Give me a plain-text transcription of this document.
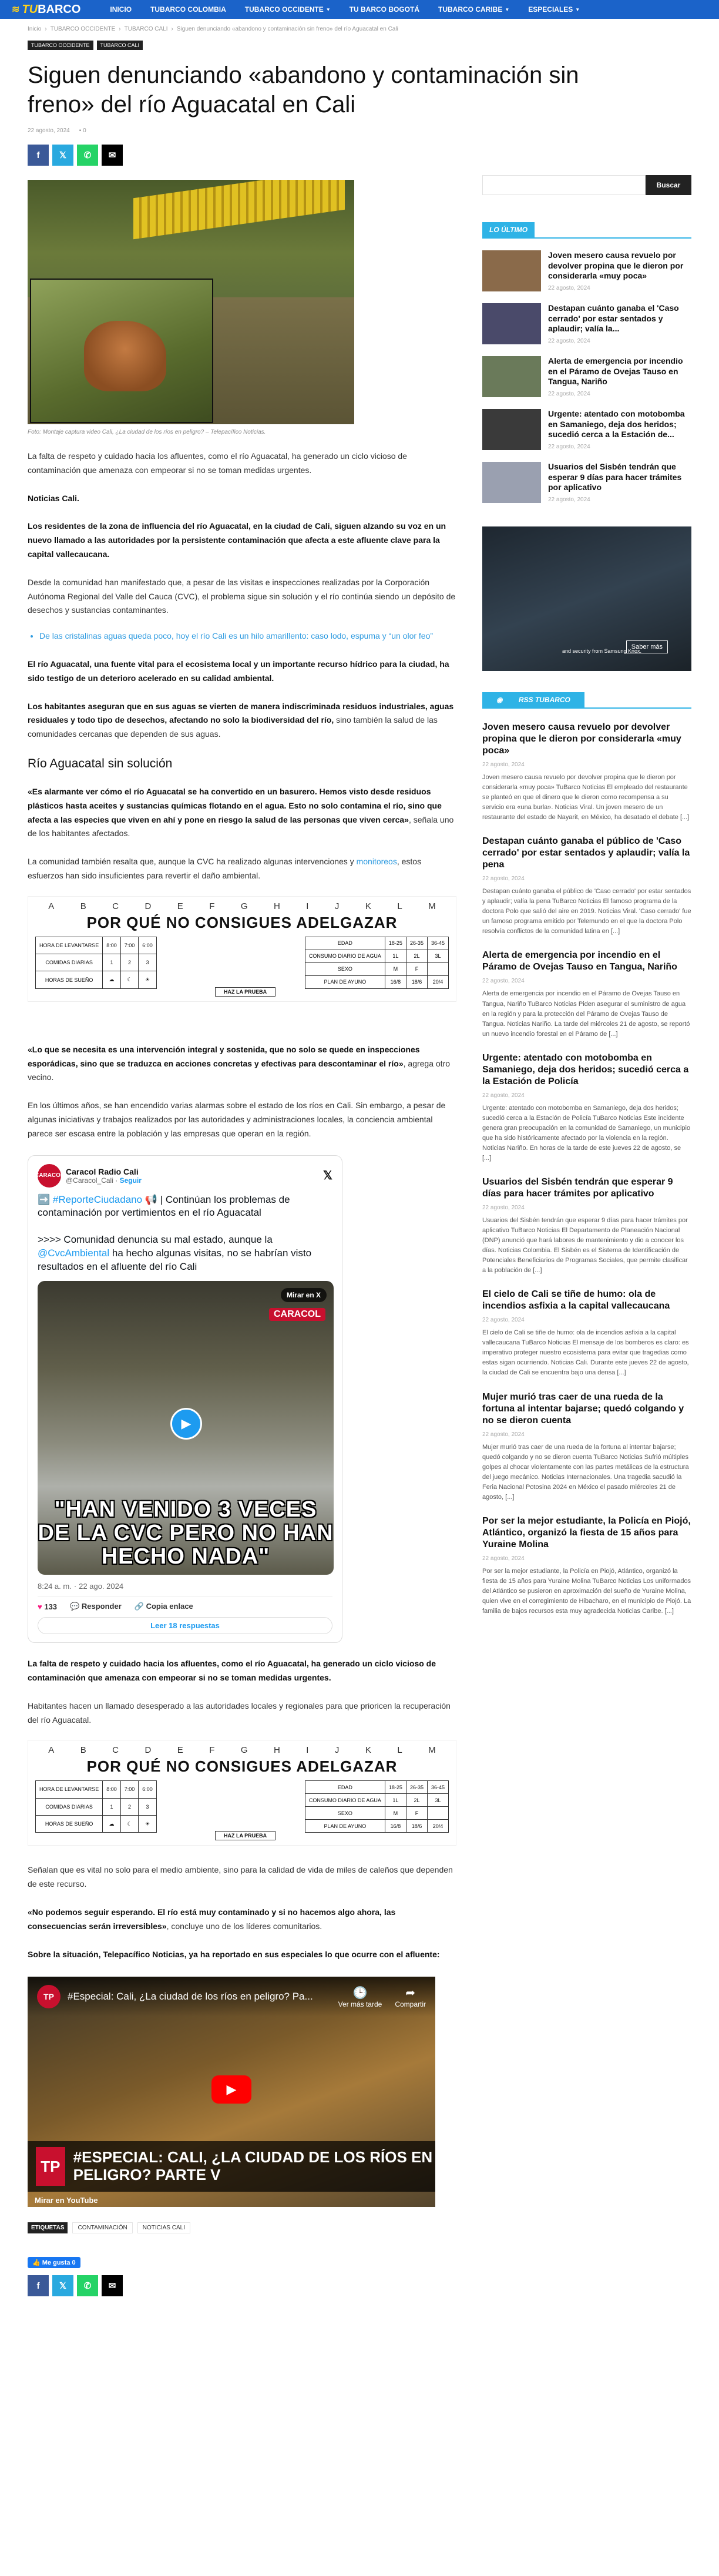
≋ TU BARCO	INICIO	TUBARCO COLOMBIA	TUBARCO OCCIDENTE ▼	TU BARCO BOGOTÁ	TUBARCO CARIBE ▼	ESPECIALES ▼
Inicio › TUBARCO OCCIDENTE › TUBARCO CALI › Siguen denunciando «abandono y contaminación sin freno» del río Aguacatal en Cali
TUBARCO OCCIDENTE	TUBARCO CALI
Siguen denunciando «abandono y contaminación sin freno» del río Aguacatal en Cali
22 agosto, 2024 ▪ 0
f 𝕏 ✆ ✉
Foto: Montaje captura video Cali, ¿La ciudad de los ríos en peligro? – Telepacífico Noticias.

La falta de respeto y cuidado hacia los afluentes, como el río Aguacatal, ha generado un ciclo vicioso de contaminación que amenaza con empeorar si no se toman medidas urgentes.

Noticias Cali.

Los residentes de la zona de influencia del río Aguacatal, en la ciudad de Cali, siguen alzando su voz en un nuevo llamado a las autoridades por la persistente contaminación que afecta a este afluente clave para la capital vallecaucana.

Desde la comunidad han manifestado que, a pesar de las visitas e inspecciones realizadas por la Corporación Autónoma Regional del Valle del Cauca (CVC), el problema sigue sin solución y el río continúa siendo un depósito de desechos y sustancias contaminantes.

• De las cristalinas aguas queda poco, hoy el río Cali es un hilo amarillento: caso lodo, espuma y “un olor feo”

El río Aguacatal, una fuente vital para el ecosistema local y un importante recurso hídrico para la ciudad, ha sido testigo de un deterioro acelerado en su calidad ambiental.

Los habitantes aseguran que en sus aguas se vierten de manera indiscriminada residuos industriales, aguas residuales y todo tipo de desechos, afectando no solo la biodiversidad del río, sino también la salud de las comunidades cercanas que dependen de sus aguas.

Río Aguacatal sin solución

«Es alarmante ver cómo el río Aguacatal se ha convertido en un basurero. Hemos visto desde residuos plásticos hasta aceites y sustancias químicas flotando en el agua. Esto no solo contamina el río, sino que afecta a las especies que viven en ahí y pone en riesgo la salud de las personas que viven cerca», señala uno de los habitantes afectados.

La comunidad también resalta que, aunque la CVC ha realizado algunas intervenciones y monitoreos, estos esfuerzos han sido insuficientes para revertir el daño ambiental.

A	B	C	D	E	F	G	H	I	J	K	L	M
POR QUÉ NO CONSIGUES ADELGAZAR
HORA DE LEVANTARSE	8:00	7:00	6:00
COMIDAS DIARIAS	1	2	3
HORAS DE SUEÑO	☁	☾	☀
EDAD	18-25	26-35	36-45
CONSUMO DIARIO DE AGUA	1L	2L	3L
SEXO	M	F	
PLAN DE AYUNO	16/8	18/6	20/4
HAZ LA PRUEBA

«Lo que se necesita es una intervención integral y sostenida, que no solo se quede en inspecciones esporádicas, sino que se traduzca en acciones concretas y efectivas para descontaminar el río», agrega otro vecino.

En los últimos años, se han encendido varias alarmas sobre el estado de los ríos en Cali. Sin embargo, a pesar de algunas iniciativas y trabajos realizados por las autoridades y administraciones locales, la conciencia ambiental parece ser escasa entre la población y las empresas que operan en la región.

CARACOL Caracol Radio Cali
@Caracol_Cali · Seguir	𝕏
➡️ #ReporteCiudadano 📢 | Continúan los problemas de contaminación por vertimientos en el río Aguacatal

>>>> Comunidad denuncia su mal estado, aunque la @CvcAmbiental ha hecho algunas visitas, no se habrían visto resultados en el afluente del río Cali
Mirar en X
CARACOL
▶
"HAN VENIDO 3 VECES DE LA CVC PERO NO HAN HECHO NADA"
8:24 a. m. · 22 ago. 2024
♥ 133 💬 Responder 🔗 Copia enlace
Leer 18 respuestas

La falta de respeto y cuidado hacia los afluentes, como el río Aguacatal, ha generado un ciclo vicioso de contaminación que amenaza con empeorar si no se toman medidas urgentes.

Habitantes hacen un llamado desesperado a las autoridades locales y regionales para que prioricen la recuperación del río Aguacatal.

A	B	C	D	E	F	G	H	I	J	K	L	M
POR QUÉ NO CONSIGUES ADELGAZAR
HORA DE LEVANTARSE	8:00	7:00	6:00
COMIDAS DIARIAS	1	2	3
HORAS DE SUEÑO	☁	☾	☀
EDAD	18-25	26-35	36-45
CONSUMO DIARIO DE AGUA	1L	2L	3L
SEXO	M	F	
PLAN DE AYUNO	16/8	18/6	20/4
HAZ LA PRUEBA

Señalan que es vital no solo para el medio ambiente, sino para la calidad de vida de miles de caleños que dependen de este recurso.

«No podemos seguir esperando. El río está muy contaminado y si no hacemos algo ahora, las consecuencias serán irreversibles», concluye uno de los líderes comunitarios.

Sobre la situación, Telepacífico Noticias, ya ha reportado en sus especiales lo que ocurre con el afluente:

TP	#Especial: Cali, ¿La ciudad de los ríos en peligro? Pa...	🕒
Ver más tarde
➦
Compartir
▶
TP
#ESPECIAL: CALI, ¿LA CIUDAD DE LOS RÍOS EN PELIGRO? PARTE V
Mirar en YouTube
ETIQUETAS	CONTAMINACIÓN	NOTICIAS CALI
👍 Me gusta 0
f 𝕏 ✆ ✉
Buscar
LO ÚLTIMO
Joven mesero causa revuelo por devolver propina que le dieron por considerarla «muy poca»
22 agosto, 2024
Destapan cuánto ganaba el 'Caso cerrado' por estar sentados y aplaudir; valía la...
22 agosto, 2024
Alerta de emergencia por incendio en el Páramo de Ovejas Tauso en Tangua, Nariño
22 agosto, 2024
Urgente: atentado con motobomba en Samaniego, deja dos heridos; sucedió cerca a la Estación de...
22 agosto, 2024
Usuarios del Sisbén tendrán que esperar 9 días para hacer trámites por aplicativo
22 agosto, 2024
and security from Samsung Knox.
Saber más
◉ RSS TUBARCO
Joven mesero causa revuelo por devolver propina que le dieron por considerarla «muy poca»
22 agosto, 2024
Joven mesero causa revuelo por devolver propina que le dieron por considerarla «muy poca» TuBarco Noticias El empleado del restaurante se planteó en que el dinero que le dieron como recompensa a su servicio era «una burla». Noticias Viral. Un joven mesero de un restaurante del estado de Nayarit, en México, ha desatado el debate [...]
Destapan cuánto ganaba el público de 'Caso cerrado' por estar sentados y aplaudir; valía la pena
22 agosto, 2024
Destapan cuánto ganaba el público de 'Caso cerrado' por estar sentados y aplaudir; valía la pena TuBarco Noticias El famoso programa de la doctora Polo que salió del aire en 2019. Noticias Viral. 'Caso cerrado' fue un famoso programa emitido por Telemundo en el que la doctora Polo resolvía conflictos de la comunidad latina en [...]
Alerta de emergencia por incendio en el Páramo de Ovejas Tauso en Tangua, Nariño
22 agosto, 2024
Alerta de emergencia por incendio en el Páramo de Ovejas Tauso en Tangua, Nariño TuBarco Noticias Piden asegurar el suministro de agua en la región y para la protección del Páramo de Ovejas Tauso de Tangua. Noticias Nariño. La tarde del miércoles 21 de agosto, se reportó un nuevo incendio forestal en el Páramo de [...]
Urgente: atentado con motobomba en Samaniego, deja dos heridos; sucedió cerca a la Estación de Policía
22 agosto, 2024
Urgente: atentado con motobomba en Samaniego, deja dos heridos; sucedió cerca a la Estación de Policía TuBarco Noticias Este incidente genera gran preocupación en la comunidad de Samaniego, un municipio que ha sido históricamente afectado por la violencia en la región. Noticias Nariño. En horas de la tarde de este jueves 22 de agosto, se [...]
Usuarios del Sisbén tendrán que esperar 9 días para hacer trámites por aplicativo
22 agosto, 2024
Usuarios del Sisbén tendrán que esperar 9 días para hacer trámites por aplicativo TuBarco Noticias El Departamento de Planeación Nacional (DNP) anunció que hará labores de mantenimiento y dio a conocer los días. Noticias Colombia. El Sisbén es el Sistema de Identificación de Potenciales Beneficiarios de Programas Sociales, que permite clasificar a la población de [...]
El cielo de Cali se tiñe de humo: ola de incendios asfixia a la capital vallecaucana
22 agosto, 2024
El cielo de Cali se tiñe de humo: ola de incendios asfixia a la capital vallecaucana TuBarco Noticias El mensaje de los bomberos es claro: es imperativo proteger nuestro ecosistema para evitar que tragedias como estas sigan ocurriendo. Noticias Cali. Durante este jueves 22 de agosto, la ciudad de Cali se encuentra bajo una densa [...]
Mujer murió tras caer de una rueda de la fortuna al intentar bajarse; quedó colgando y no se dieron cuenta
22 agosto, 2024
Mujer murió tras caer de una rueda de la fortuna al intentar bajarse; quedó colgando y no se dieron cuenta TuBarco Noticias Sufrió múltiples golpes al chocar violentamente con las partes metálicas de la estructura del juego mecánico. Noticias Internacionales. Una tragedia sacudió la Feria Nacional Potosina 2024 en México el pasado miércoles 21 de agosto, [...]
Por ser la mejor estudiante, la Policía en Piojó, Atlántico, organizó la fiesta de 15 años para Yuraine Molina
22 agosto, 2024
Por ser la mejor estudiante, la Policía en Piojó, Atlántico, organizó la fiesta de 15 años para Yuraine Molina TuBarco Noticias Los uniformados del Atlántico se pusieron en aproximación del sueño de Yuraine Molina, quien vive en el corregimiento de Hibacharo, en el municipio de Piojó. La familia de bajos recursos esta muy agradecida Noticias Caribe. [...]
